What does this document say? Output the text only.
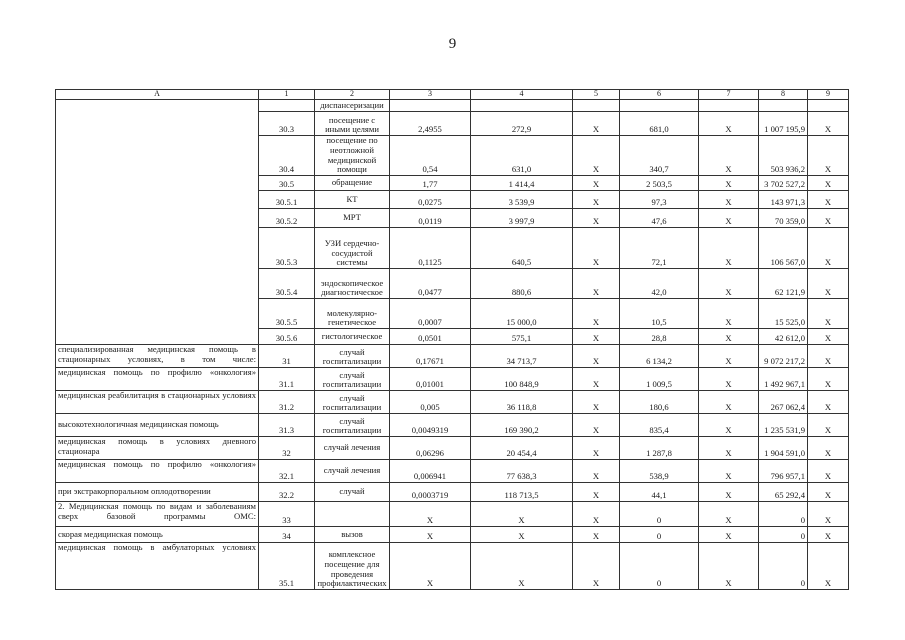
9
А	1	2	3	4	5	6	7	8	9
		диспансеризации							
	30.3	посещение с иными целями	2,4955	272,9	Х	681,0	Х	1 007 195,9	Х
	30.4	посещение по неотложной медицинской помощи	0,54	631,0	Х	340,7	Х	503 936,2	Х
	30.5	обращение	1,77	1 414,4	Х	2 503,5	Х	3 702 527,2	Х
	30.5.1	КТ	0,0275	3 539,9	Х	97,3	Х	143 971,3	Х
	30.5.2	МРТ	0,0119	3 997,9	Х	47,6	Х	70 359,0	Х
	30.5.3	УЗИ сердечно-сосудистой системы	0,1125	640,5	Х	72,1	Х	106 567,0	Х
	30.5.4	эндоскопическое диагностическое	0,0477	880,6	Х	42,0	Х	62 121,9	Х
	30.5.5	молекулярно-генетическое	0,0007	15 000,0	Х	10,5	Х	15 525,0	Х
	30.5.6	гистологическое	0,0501	575,1	Х	28,8	Х	42 612,0	Х
специализированная медицинская помощь в стационарных условиях, в том числе:	31	случай госпитализации	0,17671	34 713,7	Х	6 134,2	Х	9 072 217,2	Х
медицинская помощь по профилю «онкология»	31.1	случай госпитализации	0,01001	100 848,9	Х	1 009,5	Х	1 492 967,1	Х
медицинская реабилитация в стационарных условиях	31.2	случай госпитализации	0,005	36 118,8	Х	180,6	Х	267 062,4	Х
высокотехнологичная медицинская помощь	31.3	случай госпитализации	0,0049319	169 390,2	Х	835,4	Х	1 235 531,9	Х
медицинская помощь в условиях дневного стационара	32	случай лечения	0,06296	20 454,4	Х	1 287,8	Х	1 904 591,0	Х
медицинская помощь по профилю «онкология»	32.1	случай лечения	0,006941	77 638,3	Х	538,9	Х	796 957,1	Х
при экстракорпоральном оплодотворении	32.2	случай	0,0003719	118 713,5	Х	44,1	Х	65 292,4	Х
2. Медицинская помощь по видам и заболеваниям сверх базовой программы ОМС:	33		Х	Х	Х	0	Х	0	Х
скорая медицинская помощь	34	вызов	Х	Х	Х	0	Х	0	Х
медицинская помощь в амбулаторных условиях	35.1	комплексное посещение для проведения профилактических	Х	Х	Х	0	Х	0	Х
